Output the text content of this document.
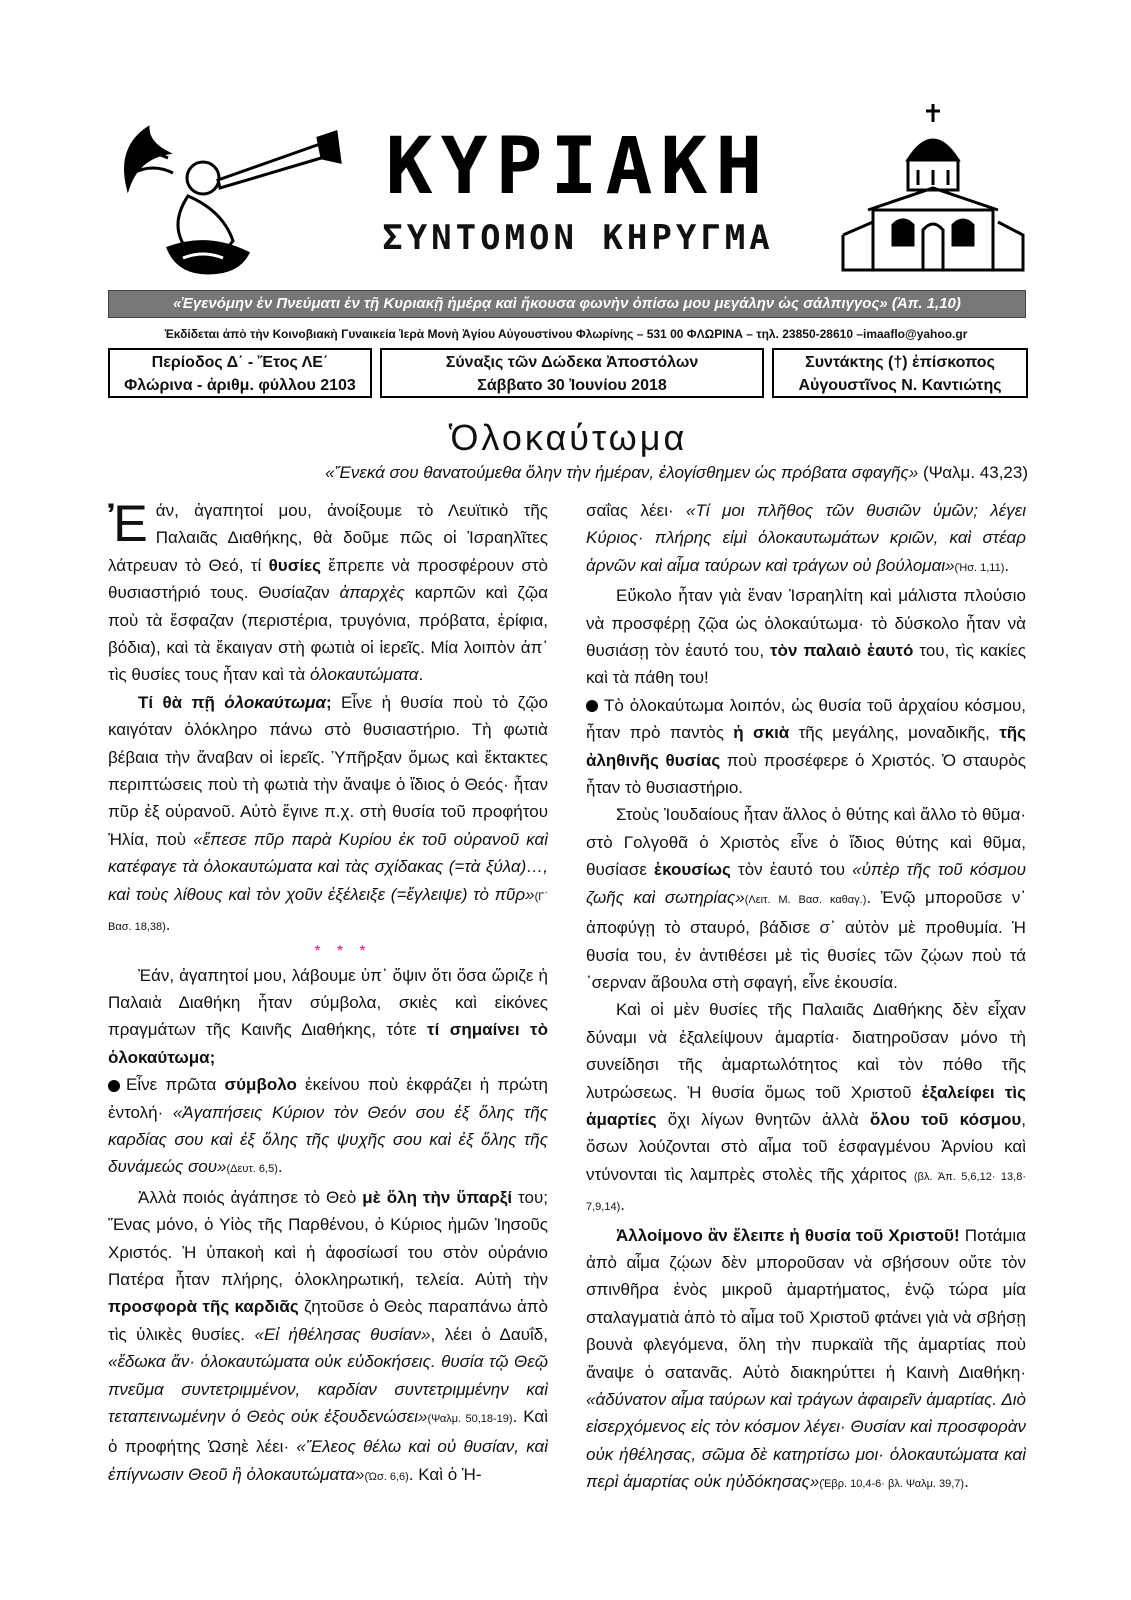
ΚΥΡΙΑΚΗ
ΣΥΝΤΟΜΟΝ ΚΗΡΥΓΜΑ
«Ἐγενόμην ἐν Πνεύματι ἐν τῇ Κυριακῇ ἡμέρᾳ καὶ ἤκουσα φωνὴν ὀπίσω μου μεγάλην ὡς σάλπιγγος» (Ἀπ. 1,10)
Ἐκδίδεται ἀπὸ τὴν Κοινοβιακὴ Γυναικεία Ἱερὰ Μονὴ Ἁγίου Αὐγουστίνου Φλωρίνης – 531 00 ΦΛΩΡΙΝΑ – τηλ. 23850-28610 –imaaflo@yahoo.gr
Περίοδος Δ΄ - Ἔτος ΛΕ΄
Φλώρινα - ἀριθμ. φύλλου 2103
Σύναξις τῶν Δώδεκα Ἀποστόλων
Σάββατο 30 Ἰουνίου 2018
Συντάκτης (†) ἐπίσκοπος
Αὐγουστῖνος Ν. Καντιώτης
Ὁλοκαύτωμα
«Ἕνεκά σου θανατούμεθα ὅλην τὴν ἡμέραν, ἐλογίσθημεν ὡς πρόβατα σφαγῆς» (Ψαλμ. 43,23)

Ἐάν, ἀγαπητοί μου, ἀνοίξουμε τὸ Λευϊτικὸ τῆς Παλαιᾶς Διαθήκης, θὰ δοῦμε πῶς οἱ Ἰσραηλῖτες λάτρευαν τὸ Θεό, τί θυσίες ἔπρεπε νὰ προσφέρουν στὸ θυσιαστήριό τους. Θυσίαζαν ἀπαρχὲς καρπῶν καὶ ζῷα ποὺ τὰ ἔσφαζαν (περιστέρια, τρυγόνια, πρόβατα, ἐρίφια, βόδια), καὶ τὰ ἔκαιγαν στὴ φωτιὰ οἱ ἱερεῖς. Μία λοιπὸν ἀπ᾽ τὶς θυσίες τους ἦταν καὶ τὰ ὁλοκαυτώματα.

Τί θὰ πῇ ὁλοκαύτωμα; Εἶνε ἡ θυσία ποὺ τὸ ζῷο καιγόταν ὁλόκληρο πάνω στὸ θυσιαστήριο. Τὴ φωτιὰ βέβαια τὴν ἄναβαν οἱ ἱερεῖς. Ὑπῆρξαν ὅμως καὶ ἔκτακτες περιπτώσεις ποὺ τὴ φωτιὰ τὴν ἄναψε ὁ ἴδιος ὁ Θεός· ἦταν πῦρ ἐξ οὐρανοῦ. Αὐτὸ ἔγινε π.χ. στὴ θυσία τοῦ προφήτου Ἠλία, ποὺ «ἔπεσε πῦρ παρὰ Κυρίου ἐκ τοῦ οὐρανοῦ καὶ κατέφαγε τὰ ὁλοκαυτώματα καὶ τὰς σχίδακας (=τὰ ξύλα)…, καὶ τοὺς λίθους καὶ τὸν χοῦν ἐξέλειξε (=ἔγλειψε) τὸ πῦρ»(Γ΄ Βασ. 18,38).

* * *

Ἐάν, ἀγαπητοί μου, λάβουμε ὑπ᾽ ὄψιν ὅτι ὅσα ὥριζε ἡ Παλαιὰ Διαθήκη ἦταν σύμβολα, σκιὲς καὶ εἰκόνες πραγμάτων τῆς Καινῆς Διαθήκης, τότε τί σημαίνει τὸ ὁλοκαύτωμα;

Εἶνε πρῶτα σύμβολο ἐκείνου ποὺ ἐκφράζει ἡ πρώτη ἐντολή· «Ἀγαπήσεις Κύριον τὸν Θεόν σου ἐξ ὅλης τῆς καρδίας σου καὶ ἐξ ὅλης τῆς ψυχῆς σου καὶ ἐξ ὅλης τῆς δυνάμεώς σου»(Δευτ. 6,5).

Ἀλλὰ ποιός ἀγάπησε τὸ Θεὸ μὲ ὅλη τὴν ὕπαρξί του; Ἕνας μόνο, ὁ Υἱὸς τῆς Παρθένου, ὁ Κύριος ἡμῶν Ἰησοῦς Χριστός. Ἡ ὑπακοὴ καὶ ἡ ἀφοσίωσί του στὸν οὐράνιο Πατέρα ἦταν πλήρης, ὁλοκληρωτική, τελεία. Αὐτὴ τὴν προσφορὰ τῆς καρδιᾶς ζητοῦσε ὁ Θεὸς παραπάνω ἀπὸ τὶς ὑλικὲς θυσίες. «Εἰ ἠθέλησας θυσίαν», λέει ὁ Δαυΐδ, «ἔδωκα ἄν· ὁλοκαυτώματα οὐκ εὐδοκήσεις. θυσία τῷ Θεῷ πνεῦμα συντετριμμένον, καρδίαν συντετριμμένην καὶ τεταπεινωμένην ὁ Θεὸς οὐκ ἐξουδενώσει»(Ψαλμ. 50,18-19). Καὶ ὁ προφήτης Ὠσηὲ λέει· «Ἔλεος θέλω καὶ οὐ θυσίαν, καὶ ἐπίγνωσιν Θεοῦ ἢ ὁλοκαυτώματα»(Ὠσ. 6,6). Καὶ ὁ Ἡ-

σαΐας λέει· «Τί μοι πλῆθος τῶν θυσιῶν ὑμῶν; λέγει Κύριος· πλήρης εἰμὶ ὁλοκαυτωμάτων κριῶν, καὶ στέαρ ἀρνῶν καὶ αἷμα ταύρων καὶ τράγων οὐ βούλομαι»(Ἠσ. 1,11).

Εὔκολο ἦταν γιὰ ἕναν Ἰσραηλίτη καὶ μάλιστα πλούσιο νὰ προσφέρῃ ζῷα ὡς ὁλοκαύτωμα· τὸ δύσκολο ἦταν νὰ θυσιάσῃ τὸν ἑαυτό του, τὸν παλαιὸ ἑαυτό του, τὶς κακίες καὶ τὰ πάθη του!

Τὸ ὁλοκαύτωμα λοιπόν, ὡς θυσία τοῦ ἀρχαίου κόσμου, ἦταν πρὸ παντὸς ἡ σκιὰ τῆς μεγάλης, μοναδικῆς, τῆς ἀληθινῆς θυσίας ποὺ προσέφερε ὁ Χριστός. Ὁ σταυρὸς ἦταν τὸ θυσιαστήριο.

Στοὺς Ἰουδαίους ἦταν ἄλλος ὁ θύτης καὶ ἄλλο τὸ θῦμα· στὸ Γολγοθᾶ ὁ Χριστὸς εἶνε ὁ ἴδιος θύτης καὶ θῦμα, θυσίασε ἑκουσίως τὸν ἑαυτό του «ὑπὲρ τῆς τοῦ κόσμου ζωῆς καὶ σωτηρίας»(Λειτ. Μ. Βασ. καθαγ.). Ἐνῷ μποροῦσε ν᾽ ἀποφύγῃ τὸ σταυρό, βάδισε σ᾽ αὐτὸν μὲ προθυμία. Ἡ θυσία του, ἐν ἀντιθέσει μὲ τὶς θυσίες τῶν ζῴων ποὺ τά ᾽σερναν ἄβουλα στὴ σφαγή, εἶνε ἑκουσία.

Καὶ οἱ μὲν θυσίες τῆς Παλαιᾶς Διαθήκης δὲν εἶχαν δύναμι νὰ ἐξαλείψουν ἁμαρτία· διατηροῦσαν μόνο τὴ συνείδησι τῆς ἁμαρτωλότητος καὶ τὸν πόθο τῆς λυτρώσεως. Ἡ θυσία ὅμως τοῦ Χριστοῦ ἐξαλείφει τὶς ἁμαρτίες ὄχι λίγων θνητῶν ἀλλὰ ὅλου τοῦ κόσμου, ὅσων λούζονται στὸ αἷμα τοῦ ἐσφαγμένου Ἀρνίου καὶ ντύνονται τὶς λαμπρὲς στολὲς τῆς χάριτος (βλ. Ἀπ. 5,6,12· 13,8· 7,9,14).

Ἀλλοίμονο ἂν ἔλειπε ἡ θυσία τοῦ Χριστοῦ! Ποτάμια ἀπὸ αἷμα ζῴων δὲν μποροῦσαν νὰ σβήσουν οὔτε τὸν σπινθῆρα ἑνὸς μικροῦ ἁμαρτήματος, ἐνῷ τώρα μία σταλαγματιὰ ἀπὸ τὸ αἷμα τοῦ Χριστοῦ φτάνει γιὰ νὰ σβήσῃ βουνὰ φλεγόμενα, ὅλη τὴν πυρκαϊὰ τῆς ἁμαρτίας ποὺ ἄναψε ὁ σατανᾶς. Αὐτὸ διακηρύττει ἡ Καινὴ Διαθήκη· «ἀδύνατον αἷμα ταύρων καὶ τράγων ἀφαιρεῖν ἁμαρτίας. Διὸ εἰσερχόμενος εἰς τὸν κόσμον λέγει· Θυσίαν καὶ προσφορὰν οὐκ ἠθέλησας, σῶμα δὲ κατηρτίσω μοι· ὁλοκαυτώματα καὶ περὶ ἁμαρτίας οὐκ ηὐδόκησας»(Ἑβρ. 10,4-6· βλ. Ψαλμ. 39,7).
